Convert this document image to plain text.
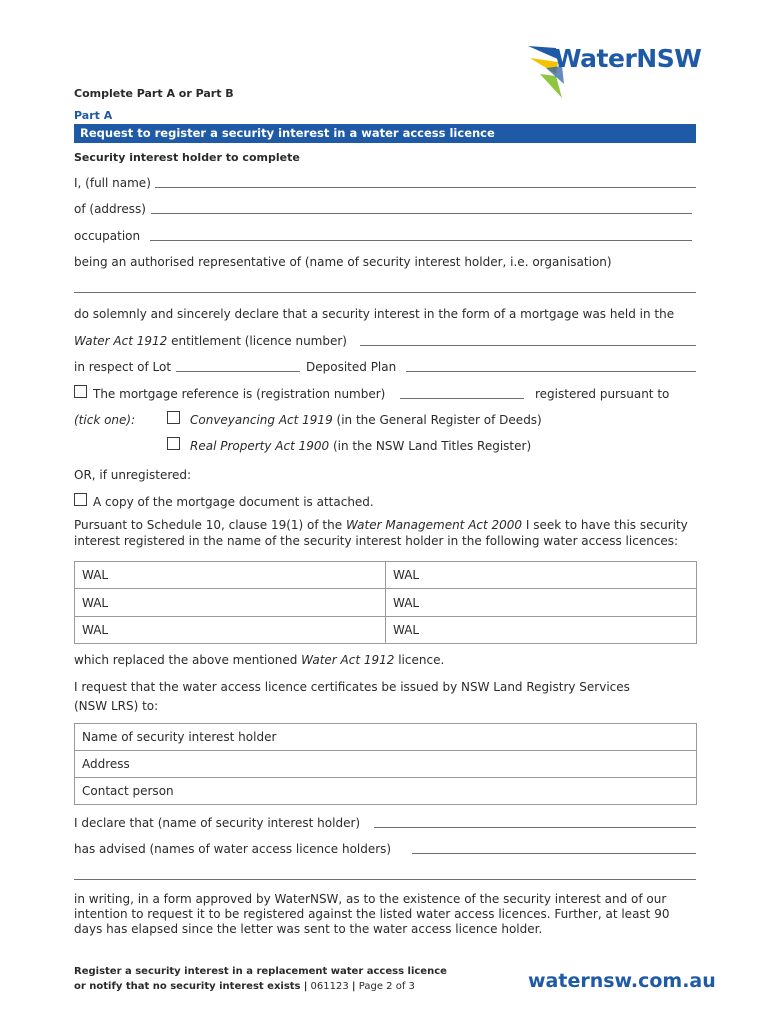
WaterNSW
Complete Part A or Part B
Part A
Request to register a security interest in a water access licence
Security interest holder to complete
I, (full name)
of (address)
occupation
being an authorised representative of (name of security interest holder, i.e. organisation)
do solemnly and sincerely declare that a security interest in the form of a mortgage was held in the
Water Act 1912 entitlement (licence number)
in respect of Lot	Deposited Plan
The mortgage reference is (registration number)	registered pursuant to
(tick one):	Conveyancing Act 1919 (in the General Register of Deeds)
Real Property Act 1900 (in the NSW Land Titles Register)
OR, if unregistered:
A copy of the mortgage document is attached.
Pursuant to Schedule 10, clause 19(1) of the Water Management Act 2000 I seek to have this security
interest registered in the name of the security interest holder in the following water access licences:
WAL	WAL
WAL	WAL
WAL	WAL
which replaced the above mentioned Water Act 1912 licence.
I request that the water access licence certificates be issued by NSW Land Registry Services
(NSW LRS) to:
Name of security interest holder
Address
Contact person
I declare that (name of security interest holder)
has advised (names of water access licence holders)
in writing, in a form approved by WaterNSW, as to the existence of the security interest and of our
intention to request it to be registered against the listed water access licences. Further, at least 90
days has elapsed since the letter was sent to the water access licence holder.
Register a security interest in a replacement water access licence
or notify that no security interest exists | 061123 | Page 2 of 3	waternsw.com.au
